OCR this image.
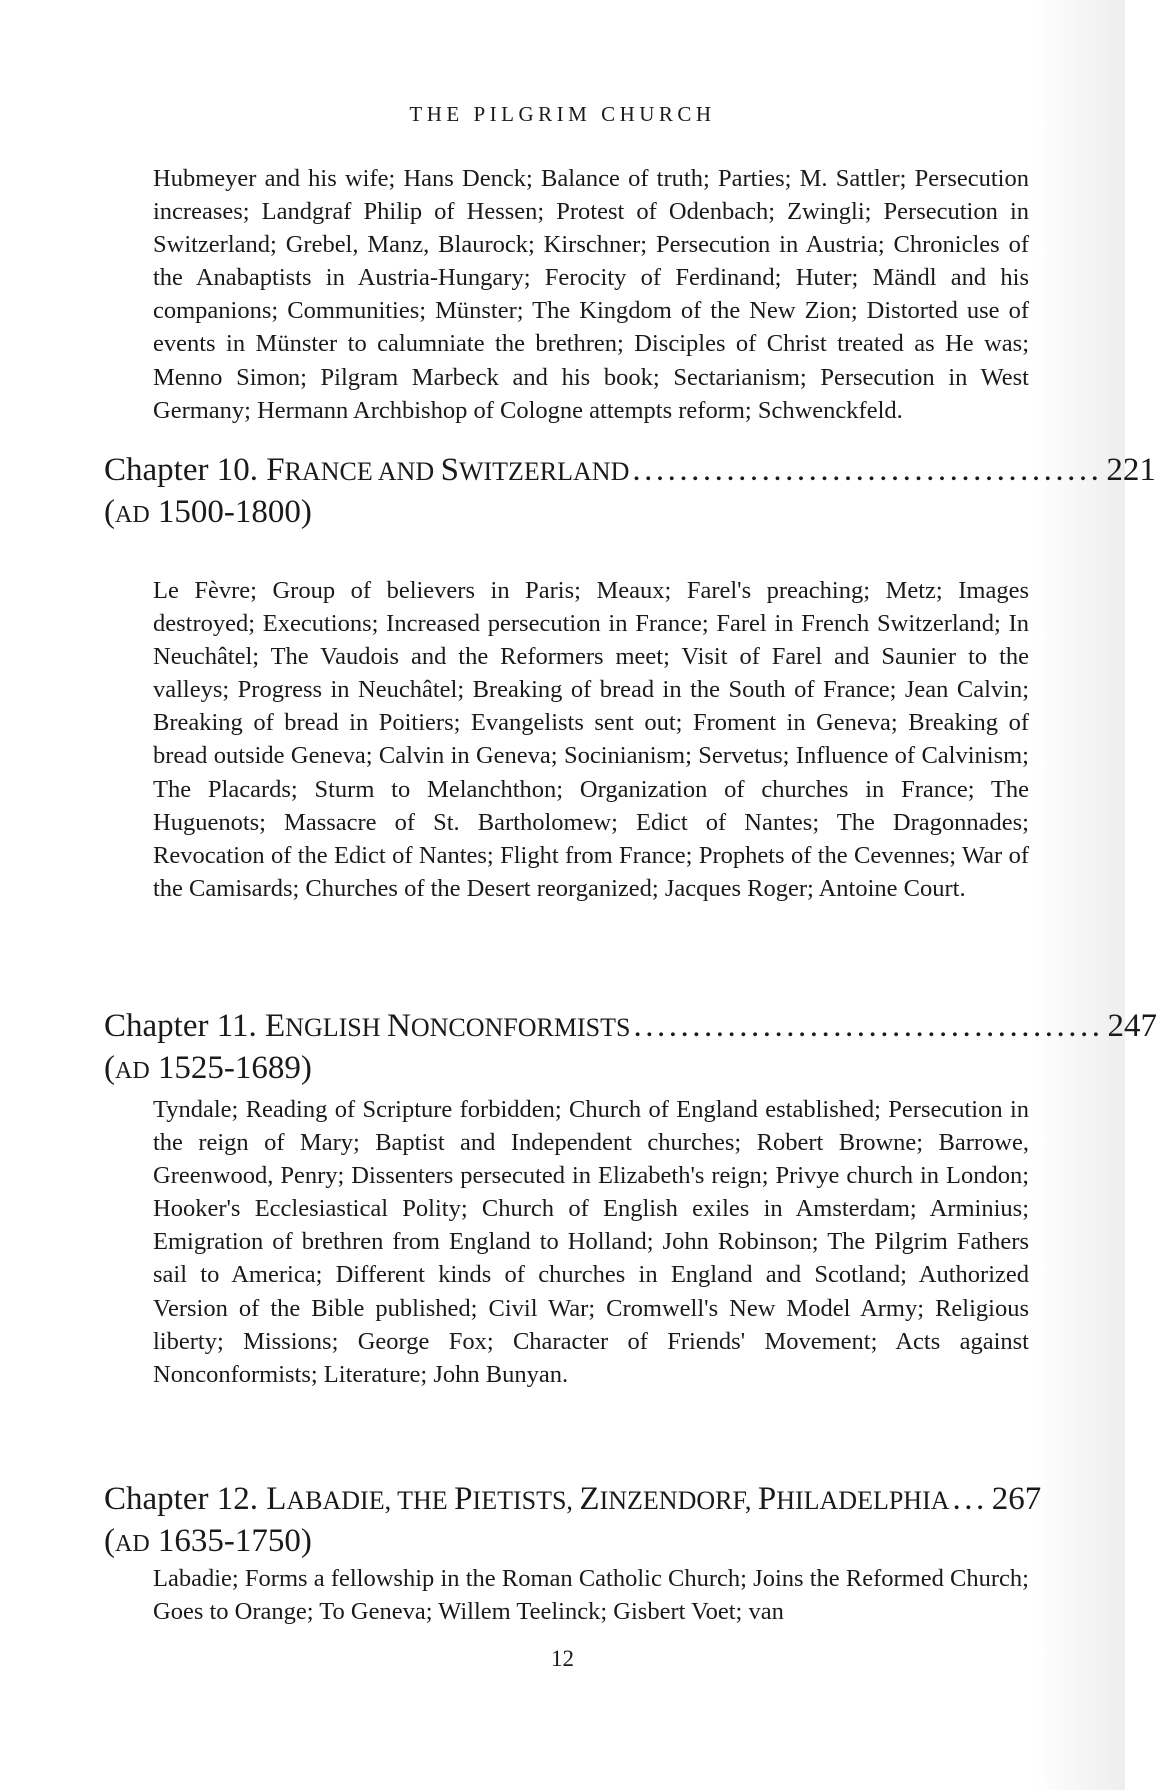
THE PILGRIM CHURCH

Hubmeyer and his wife; Hans Denck; Balance of truth; Parties; M. Sattler; Persecution increases; Landgraf Philip of Hessen; Protest of Odenbach; Zwingli; Persecution in Switzerland; Grebel, Manz, Blaurock; Kirschner; Persecution in Austria; Chronicles of the Anabaptists in Austria-Hungary; Ferocity of Ferdinand; Huter; Mändl and his companions; Communities; Münster; The Kingdom of the New Zion; Distorted use of events in Münster to calumniate the brethren; Disciples of Christ treated as He was; Menno Simon; Pilgram Marbeck and his book; Sectarianism; Persecution in West Germany; Hermann Archbishop of Cologne attempts reform; Schwenckfeld.

Chapter 10. FRANCE AND SWITZERLAND ........................................ 221
(AD 1500-1800)

Le Fèvre; Group of believers in Paris; Meaux; Farel's preaching; Metz; Images destroyed; Executions; Increased persecution in France; Farel in French Switzerland; In Neuchâtel; The Vaudois and the Reformers meet; Visit of Farel and Saunier to the valleys; Progress in Neuchâtel; Breaking of bread in the South of France; Jean Calvin; Breaking of bread in Poitiers; Evangelists sent out; Froment in Geneva; Breaking of bread outside Geneva; Calvin in Geneva; Socinianism; Servetus; Influence of Calvinism; The Placards; Sturm to Melanchthon; Organization of churches in France; The Huguenots; Massacre of St. Bartholomew; Edict of Nantes; The Dragonnades; Revocation of the Edict of Nantes; Flight from France; Prophets of the Cevennes; War of the Camisards; Churches of the Desert reorganized; Jacques Roger; Antoine Court.

Chapter 11. ENGLISH NONCONFORMISTS ........................................ 247
(AD 1525-1689)

Tyndale; Reading of Scripture forbidden; Church of England established; Persecution in the reign of Mary; Baptist and Independent churches; Robert Browne; Barrowe, Greenwood, Penry; Dissenters persecuted in Elizabeth's reign; Privye church in London; Hooker's Ecclesiastical Polity; Church of English exiles in Amsterdam; Arminius; Emigration of brethren from England to Holland; John Robinson; The Pilgrim Fathers sail to America; Different kinds of churches in England and Scotland; Authorized Version of the Bible published; Civil War; Cromwell's New Model Army; Religious liberty; Missions; George Fox; Character of Friends' Movement; Acts against Nonconformists; Literature; John Bunyan.

Chapter 12. LABADIE, THE PIETISTS, ZINZENDORF, PHILADELPHIA ... 267
(AD 1635-1750)

Labadie; Forms a fellowship in the Roman Catholic Church; Joins the Reformed Church; Goes to Orange; To Geneva; Willem Teelinck; Gisbert Voet; van

12
